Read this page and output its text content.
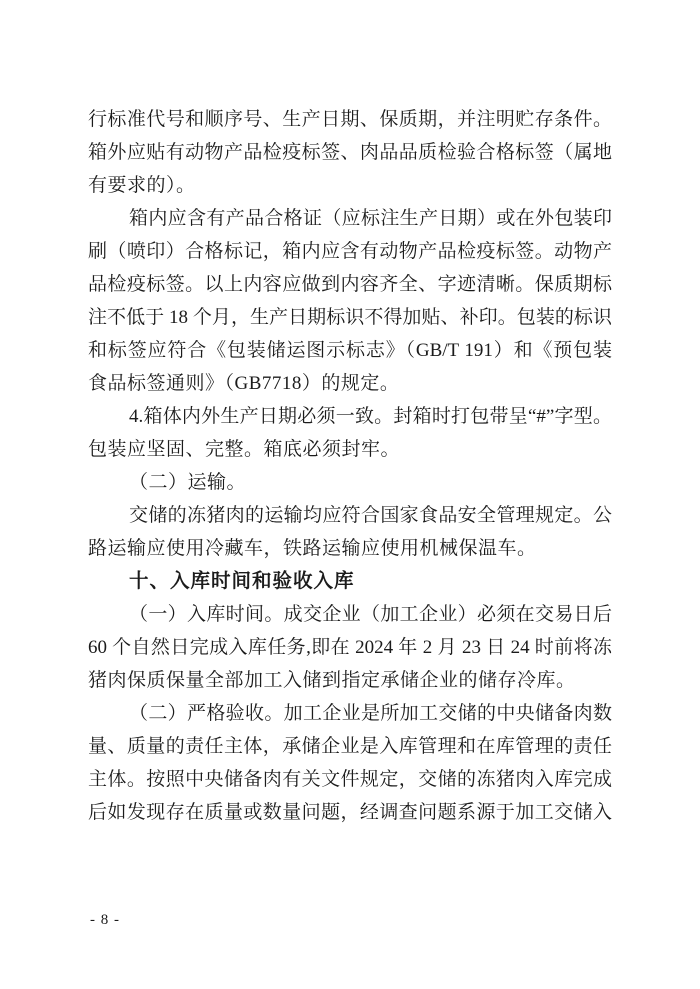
行标准代号和顺序号、生产日期、保质期，并注明贮存条件。
箱外应贴有动物产品检疫标签、肉品品质检验合格标签（属地
有要求的）。
箱内应含有产品合格证（应标注生产日期）或在外包装印
刷（喷印）合格标记，箱内应含有动物产品检疫标签。动物产
品检疫标签。以上内容应做到内容齐全、字迹清晰。保质期标
注不低于 18 个月，生产日期标识不得加贴、补印。包装的标识
和标签应符合《包装储运图示标志》（GB/T 191）和《预包装
食品标签通则》（GB7718）的规定。
4.箱体内外生产日期必须一致。封箱时打包带呈“#”字型。
包装应坚固、完整。箱底必须封牢。
（二）运输。
交储的冻猪肉的运输均应符合国家食品安全管理规定。公
路运输应使用冷藏车，铁路运输应使用机械保温车。
十、入库时间和验收入库
（一）入库时间。成交企业（加工企业）必须在交易日后
60 个自然日完成入库任务,即在 2024 年 2 月 23 日 24 时前将冻
猪肉保质保量全部加工入储到指定承储企业的储存冷库。
（二）严格验收。加工企业是所加工交储的中央储备肉数
量、质量的责任主体，承储企业是入库管理和在库管理的责任
主体。按照中央储备肉有关文件规定，交储的冻猪肉入库完成
后如发现存在质量或数量问题，经调查问题系源于加工交储入
- 8 -
